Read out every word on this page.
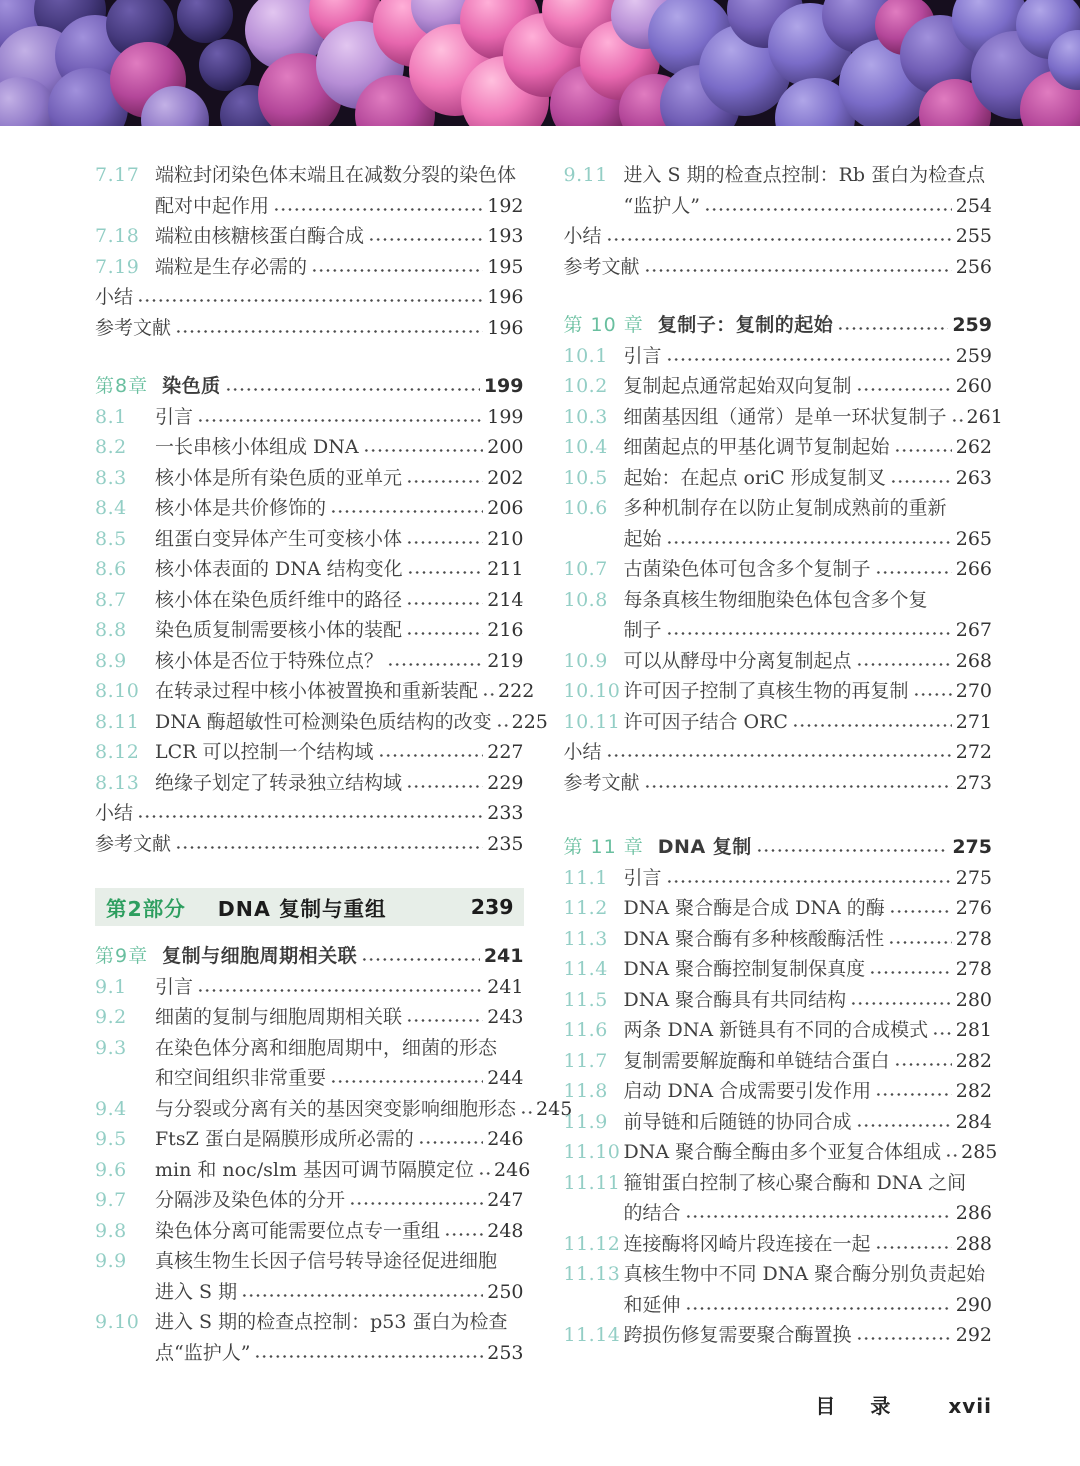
7.17 端粒封闭染色体末端且在减数分裂的染色体
配对中起作用	192
7.18 端粒由核糖核蛋白酶合成	193
7.19 端粒是生存必需的	195
小结	196
参考文献	196
第8章 染色质	199
8.1	引言	199
8.2	一长串核小体组成 DNA	200
8.3	核小体是所有染色质的亚单元	202
8.4	核小体是共价修饰的	206
8.5	组蛋白变异体产生可变核小体	210
8.6	核小体表面的 DNA 结构变化	211
8.7	核小体在染色质纤维中的路径	214
8.8	染色质复制需要核小体的装配	216
8.9	核小体是否位于特殊位点？	219
8.10 在转录过程中核小体被置换和重新装配 222
8.11 DNA 酶超敏性可检测染色质结构的改变 225
8.12 LCR 可以控制一个结构域	227
8.13 绝缘子划定了转录独立结构域	229
小结	233
参考文献	235
第2部分 DNA 复制与重组	239
第9章 复制与细胞周期相关联	241
9.1	引言	241
9.2	细菌的复制与细胞周期相关联	243
9.3	在染色体分离和细胞周期中，细菌的形态
和空间组织非常重要	244
9.4	与分裂或分离有关的基因突变影响细胞形态 245
9.5	FtsZ 蛋白是隔膜形成所必需的	246
9.6	min 和 noc/slm 基因可调节隔膜定位 246
9.7	分隔涉及染色体的分开	247
9.8	染色体分离可能需要位点专一重组 248
9.9	真核生物生长因子信号转导途径促进细胞
进入 S 期	250
9.10 进入 S 期的检查点控制：p53 蛋白为检查
点“监护人”	253
9.11 进入 S 期的检查点控制：Rb 蛋白为检查点
“监护人”	254
小结	255
参考文献	256
第 10 章 复制子：复制的起始	259
10.1 引言	259
10.2 复制起点通常起始双向复制	260
10.3 细菌基因组（通常）是单一环状复制子 261
10.4 细菌起点的甲基化调节复制起始	262
10.5 起始：在起点 oriC 形成复制叉	263
10.6 多种机制存在以防止复制成熟前的重新
起始	265
10.7 古菌染色体可包含多个复制子	266
10.8 每条真核生物细胞染色体包含多个复
制子	267
10.9 可以从酵母中分离复制起点	268
10.10 许可因子控制了真核生物的再复制 270
10.11 许可因子结合 ORC	271
小结	272
参考文献	273
第 11 章 DNA 复制	275
11.1 引言	275
11.2 DNA 聚合酶是合成 DNA 的酶	276
11.3 DNA 聚合酶有多种核酸酶活性	278
11.4 DNA 聚合酶控制复制保真度	278
11.5 DNA 聚合酶具有共同结构	280
11.6 两条 DNA 新链具有不同的合成模式 281
11.7 复制需要解旋酶和单链结合蛋白	282
11.8 启动 DNA 合成需要引发作用	282
11.9 前导链和后随链的协同合成	284
11.10 DNA 聚合酶全酶由多个亚复合体组成 285
11.11 箍钳蛋白控制了核心聚合酶和 DNA 之间
的结合	286
11.12 连接酶将冈崎片段连接在一起	288
11.13 真核生物中不同 DNA 聚合酶分别负责起始
和延伸	290
11.14 跨损伤修复需要聚合酶置换	292
目 录 xvii
